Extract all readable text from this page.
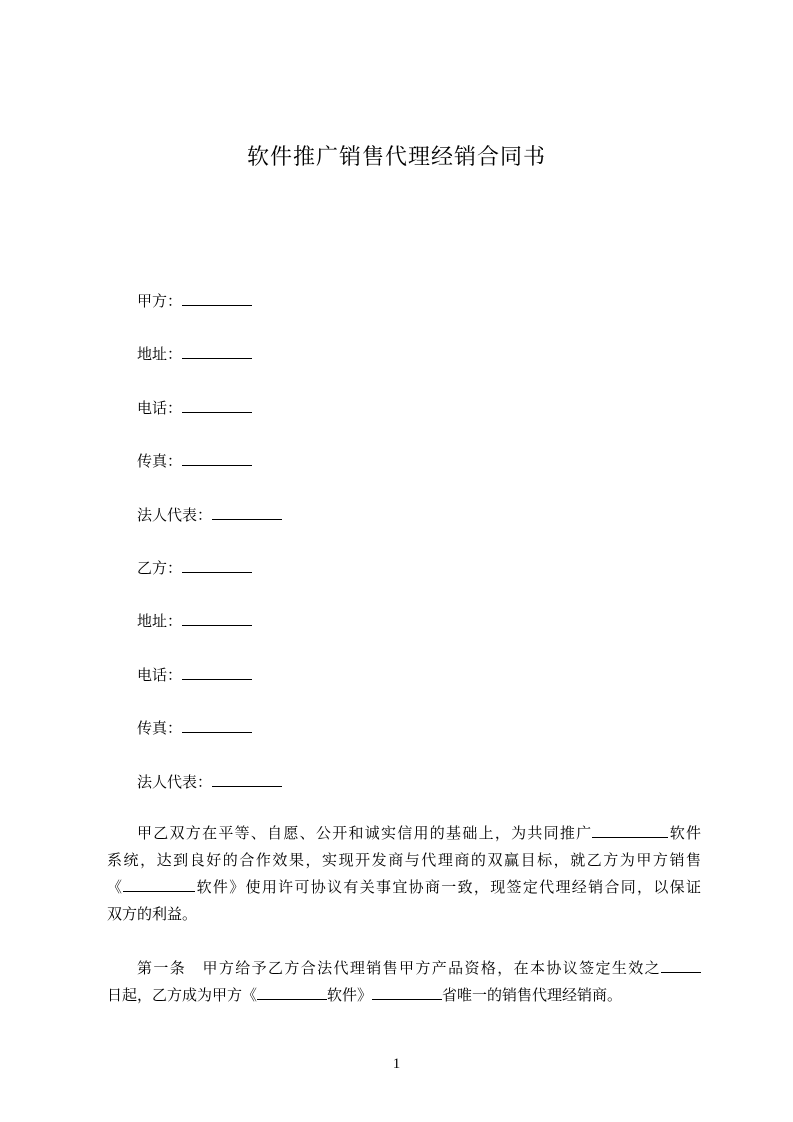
软件推广销售代理经销合同书
甲方：
地址：
电话：
传真：
法人代表：
乙方：
地址：
电话：
传真：
法人代表：
甲乙双方在平等、自愿、公开和诚实信用的基础上，为共同推广	软件
系统，达到良好的合作效果，实现开发商与代理商的双赢目标，就乙方为甲方销售
《	软件》使用许可协议有关事宜协商一致，现签定代理经销合同，以保证
双方的利益。
第一条　甲方给予乙方合法代理销售甲方产品资格，在本协议签定生效之
日起，乙方成为甲方《	软件》	省唯一的销售代理经销商。
1
